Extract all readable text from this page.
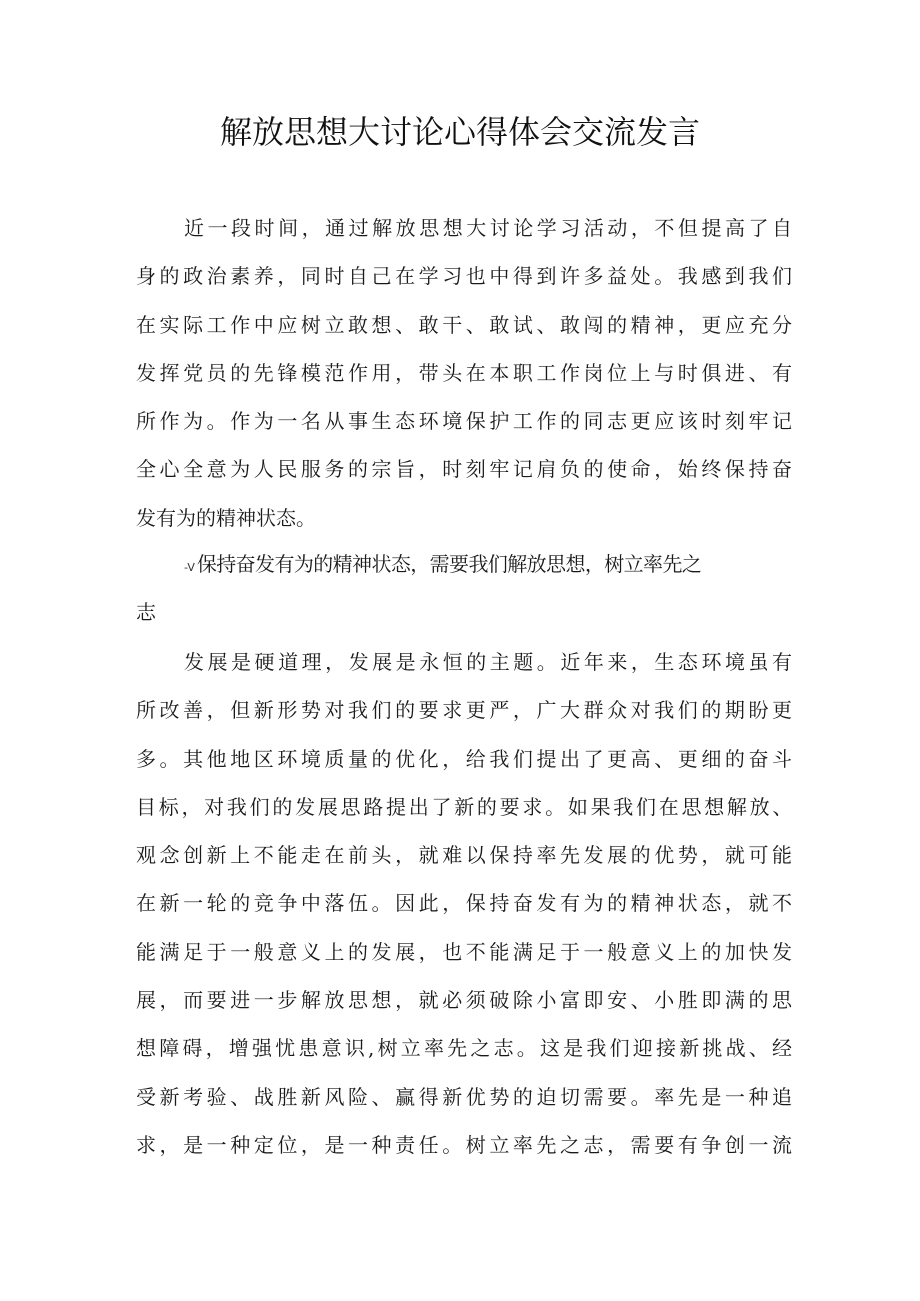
解放思想大讨论心得体会交流发言
近一段时间，通过解放思想大讨论学习活动，不但提高了自
身的政治素养，同时自己在学习也中得到许多益处。我感到我们
在实际工作中应树立敢想、敢干、敢试、敢闯的精神，更应充分
发挥党员的先锋模范作用，带头在本职工作岗位上与时俱进、有
所作为。作为一名从事生态环境保护工作的同志更应该时刻牢记
全心全意为人民服务的宗旨，时刻牢记肩负的使命，始终保持奋
发有为的精神状态。
-V 保持奋发有为的精神状态，需要我们解放思想，树立率先之
志
发展是硬道理，发展是永恒的主题。近年来，生态环境虽有
所改善，但新形势对我们的要求更严，广大群众对我们的期盼更
多。其他地区环境质量的优化，给我们提出了更高、更细的奋斗
目标，对我们的发展思路提出了新的要求。如果我们在思想解放、
观念创新上不能走在前头，就难以保持率先发展的优势，就可能
在新一轮的竞争中落伍。因此，保持奋发有为的精神状态，就不
能满足于一般意义上的发展，也不能满足于一般意义上的加快发
展，而要进一步解放思想，就必须破除小富即安、小胜即满的思
想障碍，增强忧患意识,树立率先之志。这是我们迎接新挑战、经
受新考验、战胜新风险、赢得新优势的迫切需要。率先是一种追
求，是一种定位，是一种责任。树立率先之志，需要有争创一流
